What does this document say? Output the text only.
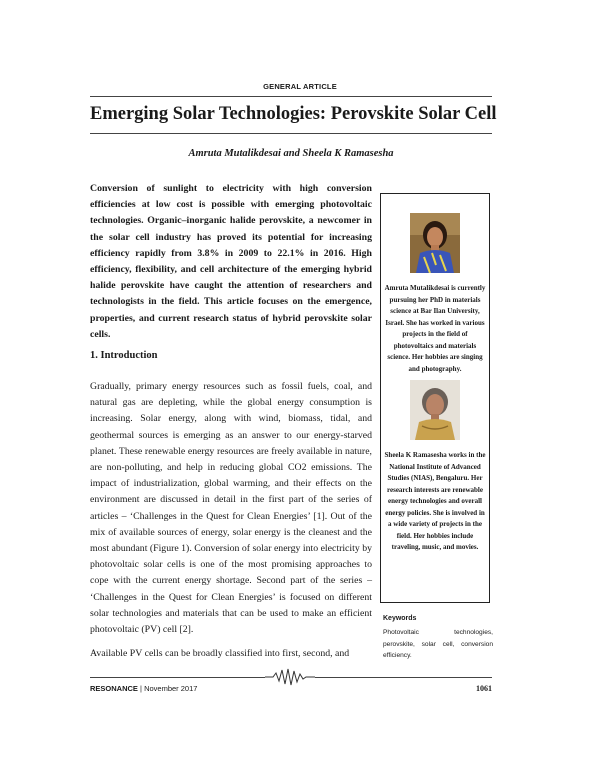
GENERAL ARTICLE
Emerging Solar Technologies: Perovskite Solar Cell
Amruta Mutalikdesai and Sheela K Ramasesha
Conversion of sunlight to electricity with high conversion efficiencies at low cost is possible with emerging photovoltaic technologies. Organic–inorganic halide perovskite, a newcomer in the solar cell industry has proved its potential for increasing efficiency rapidly from 3.8% in 2009 to 22.1% in 2016. High efficiency, flexibility, and cell architecture of the emerging hybrid halide perovskite have caught the attention of researchers and technologists in the field. This article focuses on the emergence, properties, and current research status of hybrid perovskite solar cells.
1. Introduction

Gradually, primary energy resources such as fossil fuels, coal, and natural gas are depleting, while the global energy consumption is increasing. Solar energy, along with wind, biomass, tidal, and geothermal sources is emerging as an answer to our energy-starved planet. These renewable energy resources are freely available in nature, are non-polluting, and help in reducing global CO2 emissions. The impact of industrialization, global warming, and their effects on the environment are discussed in detail in the first part of the series of articles – ‘Challenges in the Quest for Clean Energies’ [1]. Out of the mix of available sources of energy, solar energy is the cleanest and the most abundant (Figure 1). Conversion of solar energy into electricity by photovoltaic solar cells is one of the most promising approaches to cope with the current energy shortage. Second part of the series – ‘Challenges in the Quest for Clean Energies’ is focused on different solar technologies and materials that can be used to make an efficient photovoltaic (PV) cell [2].

Available PV cells can be broadly classified into first, second, and

Amruta Mutalikdesai is currently pursuing her PhD in materials science at Bar Ilan University, Israel. She has worked in various projects in the field of photovoltaics and materials science. Her hobbies are singing and photography.
Sheela K Ramasesha works in the National Institute of Advanced Studies (NIAS), Bengaluru. Her research interests are renewable energy technologies and overall energy policies. She is involved in a wide variety of projects in the field. Her hobbies include traveling, music, and movies.
Keywords
Photovoltaic technologies, perovskite, solar cell, conversion efficiency.
RESONANCE | November 2017	1061
